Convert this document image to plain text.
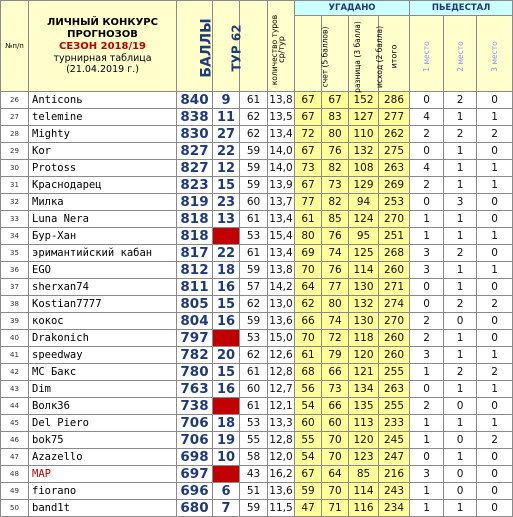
№п/п	ЛИЧНЫЙ КОНКУРС
ПРОГНОЗОВ
СЕЗОН 2018/19
турнирная таблица
(21.04.2019 г.)	БАЛЛЫ	ТУР 62	количество туров	ср/тур	УГАДАНО				ПЬЕДЕСТАЛ		
						счет (5 баллов)	разница (3 балла)	исход (2 балла)	итого	1 место	2 место	3 место
26	Anticonь	840	9	61	13,8	67	67	152	286	0	2	0
27	telemine	838	11	62	13,5	67	83	127	277	4	1	1
28	Mighty	830	27	62	13,4	72	80	110	262	2	2	2
29	Kor	827	22	59	14,0	67	76	132	275	0	1	0
30	Protoss	827	12	59	14,0	73	82	108	263	4	1	1
31	Краснодарец	823	15	59	13,9	67	73	129	269	2	1	1
32	Милка	819	23	60	13,7	77	82	94	253	0	3	0
33	Luna Nera	818	13	61	13,4	61	85	124	270	1	1	0
34	Бур-Хан	818		53	15,4	80	76	95	251	1	1	1
35	эримантийский кабан	817	22	61	13,4	69	74	125	268	3	2	0
36	EGO	812	18	59	13,8	70	76	114	260	3	1	1
37	sherxan74	811	16	57	14,2	64	77	130	271	0	1	0
38	Kostian7777	805	15	62	13,0	62	80	132	274	0	2	2
39	кокос	804	16	59	13,6	66	74	130	270	2	0	0
40	Drakonich	797		53	15,0	70	72	118	260	2	1	0
41	speedway	782	20	62	12,6	61	79	120	260	3	1	1
42	MC Бакс	780	15	61	12,8	68	66	121	255	1	2	2
43	Dim	763	16	60	12,7	56	73	134	263	0	1	1
44	Волк36	738		61	12,1	54	66	135	255	2	0	0
45	Del Piero	706	18	53	13,3	60	60	113	233	1	1	1
46	bok75	706	19	55	12,8	55	70	120	245	1	0	2
47	Azazello	698	10	58	12,0	54	70	123	247	0	1	0
48	MAP	697		43	16,2	67	64	85	216	3	0	0
49	fiorano	696	6	51	13,6	59	70	114	243	1	0	0
50	band1t	680	7	59	11,5	47	71	116	234	1	1	0
